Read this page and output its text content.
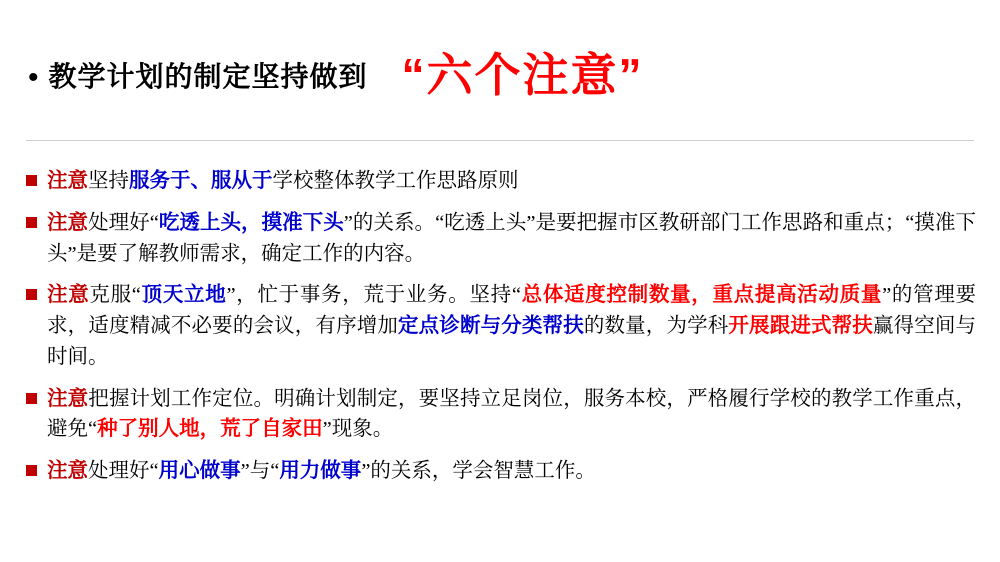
• 教学计划的制定坚持做到 “六个注意”
注意坚持服务于、服从于学校整体教学工作思路原则
注意处理好“吃透上头，摸准下头”的关系。“吃透上头”是要把握市区教研部门工作思路和重点；“摸准下头”是要了解教师需求，确定工作的内容。
注意克服“顶天立地”，忙于事务，荒于业务。坚持“总体适度控制数量，重点提高活动质量”的管理要求，适度精减不必要的会议，有序增加定点诊断与分类帮扶的数量，为学科开展跟进式帮扶赢得空间与时间。
注意把握计划工作定位。明确计划制定，要坚持立足岗位，服务本校，严格履行学校的教学工作重点，避免“种了别人地，荒了自家田”现象。
注意处理好“用心做事”与“用力做事”的关系，学会智慧工作。
